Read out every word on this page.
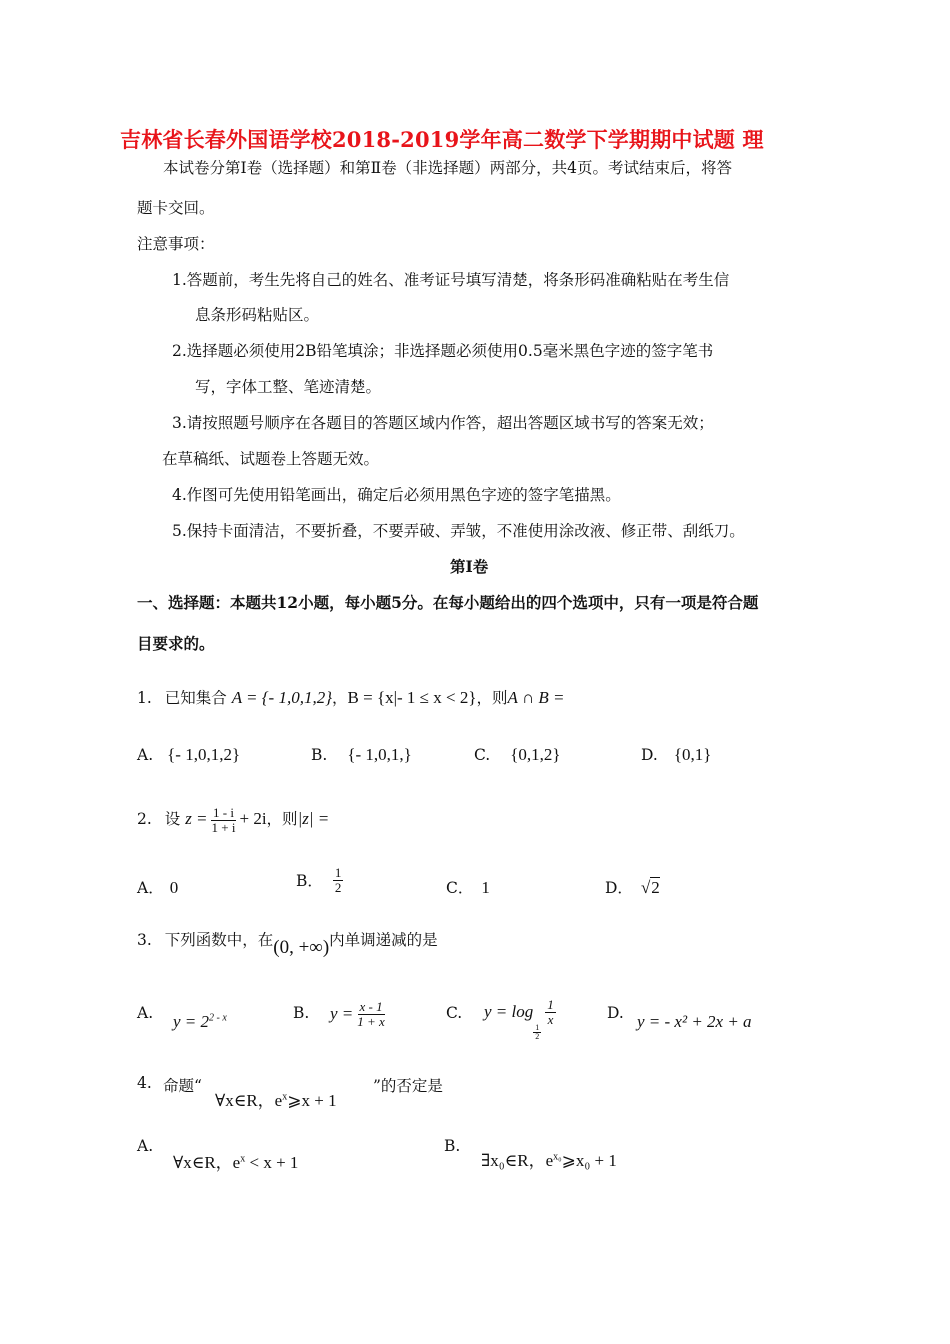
吉林省长春外国语学校2018-2019学年高二数学下学期期中试题 理
本试卷分第Ⅰ卷（选择题）和第Ⅱ卷（非选择题）两部分，共4页。考试结束后，将答
题卡交回。
注意事项：
1.答题前，考生先将自己的姓名、准考证号填写清楚，将条形码准确粘贴在考生信
息条形码粘贴区。
2.选择题必须使用2B铅笔填涂；非选择题必须使用0.5毫米黑色字迹的签字笔书
写，字体工整、笔迹清楚。
3.请按照题号顺序在各题目的答题区域内作答，超出答题区域书写的答案无效；
在草稿纸、试题卷上答题无效。
4.作图可先使用铅笔画出，确定后必须用黑色字迹的签字笔描黑。
5.保持卡面清洁，不要折叠，不要弄破、弄皱，不准使用涂改液、修正带、刮纸刀。
第Ⅰ卷
一、选择题：本题共12小题，每小题5分。在每小题给出的四个选项中，只有一项是符合题
目要求的。
1. 已知集合 A = {- 1,0,1,2}，B = {x|- 1 ≤ x < 2}，则A ∩ B =
A. {- 1,0,1,2}	B. {- 1,0,1,}	C. {0,1,2}	D. {0,1}
2. 设 $z = \frac{1 - i}{1 + i} + 2i$，则|z| =
A． 0	B． $\frac{1}{2}$	C． 1	D． √2
3. 下列函数中，在(0, +∞)内单调递减的是
A. $y = 2^{2 - x}$	B. $y = \frac{x - 1}{1 + x}$	C. y = log
$\frac{1}{2}$
$\frac{1}{x}$	D. y = - x² + 2x + a
4. 命题“
∀x∈R，$e^x⩾x + 1$
”的否定是
A.
∀x∈R，$e^x < x + 1$
B.
∃x₀∈R，$e^{x_0}⩾x_0 + 1$
